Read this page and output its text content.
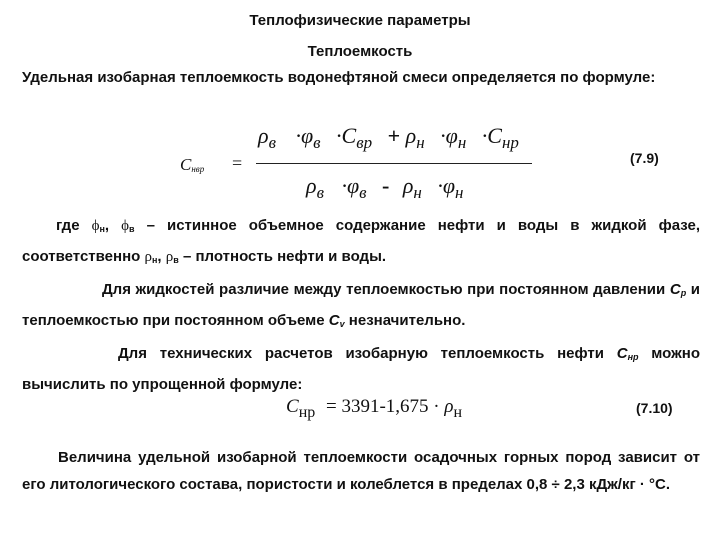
Теплофизические параметры
Теплоемкость
Удельная изобарная теплоемкость водонефтяной смеси определяется по формуле:
$C_{нвр}$ =
$\rho_в \cdot\varphi_в \cdot C_{вр} + \rho_н \cdot\varphi_н \cdot C_{нр}$
$\rho_в \cdot\varphi_в - \rho_н \cdot\varphi_н$
(7.9)
где $\phi_н$, $\phi_в$ – истинное объемное содержание нефти и воды в жидкой фазе, соответственно $\rho_н$, $\rho_в$ – плотность нефти и воды.
Для жидкостей различие между теплоемкостью при постоянном давлении $С_p$ и теплоемкостью при постоянном объеме $С_v$ незначительно.
Для технических расчетов изобарную теплоемкость нефти $С_{нр}$ можно вычислить по упрощенной формуле:
$C_{нр} = 3391-1,675 \cdot \rho_н$	(7.10)
Величина удельной изобарной теплоемкости осадочных горных пород зависит от его литологического состава, пористости и колеблется в пределах 0,8 ÷ 2,3 кДж/кг · °С.
